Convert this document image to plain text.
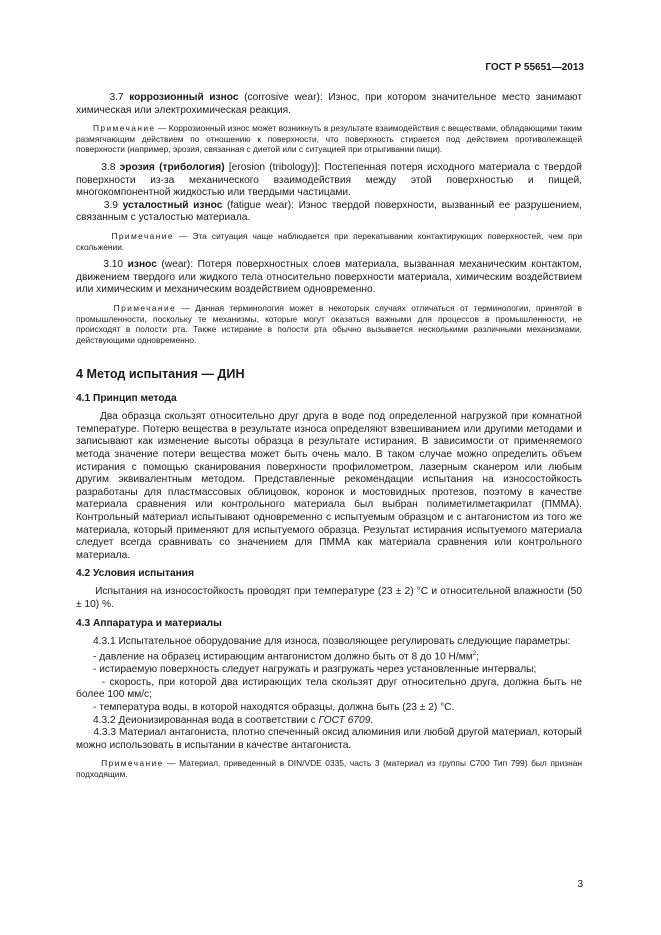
ГОСТ Р 55651—2013

3.7 коррозионный износ (corrosive wear): Износ, при котором значительное место занимают химическая или электрохимическая реакция.

Примечание — Коррозионный износ может возникнуть в результате взаимодействия с веществами, обладающими таким размягчающим действием по отношению к поверхности, что поверхность стирается под действием противолежащей поверхности (например, эрозия, связанная с диетой или с ситуацией при отрыгивании пищи).

3.8 эрозия (трибология) [erosion (tribology)]: Постепенная потеря исходного материала с твердой поверхности из-за механического взаимодействия между этой поверхностью и пищей, многокомпонентной жидкостью или твердыми частицами.

3.9 усталостный износ (fatigue wear): Износ твердой поверхности, вызванный ее разрушением, связанным с усталостью материала.

Примечание — Эта ситуация чаще наблюдается при перекатывании контактирующих поверхностей, чем при скольжении.

3.10 износ (wear): Потеря поверхностных слоев материала, вызванная механическим контактом, движением твердого или жидкого тела относительно поверхности материала, химическим воздействием или химическим и механическим воздействием одновременно.

Примечание — Данная терминология может в некоторых случаях отличаться от терминологии, принятой в промышленности, поскольку те механизмы, которые могут оказаться важными для процессов в промышленности, не происходят в полости рта. Также истирание в полости рта обычно вызывается несколькими различными механизмами, действующими одновременно.

4 Метод испытания — ДИН
4.1 Принцип метода

Два образца скользят относительно друг друга в воде под определенной нагрузкой при комнатной температуре. Потерю вещества в результате износа определяют взвешиванием или другими методами и записывают как изменение высоты образца в результате истирания. В зависимости от применяемого метода значение потери вещества может быть очень мало. В таком случае можно определить объем истирания с помощью сканирования поверхности профилометром, лазерным сканером или любым другим эквивалентным методом. Представленные рекомендации испытания на износостойкость разработаны для пластмассовых облицовок, коронок и мостовидных протезов, поэтому в качестве материала сравнения или контрольного материала был выбран полиметилметакрилат (ПММА). Контрольный материал испытывают одновременно с испытуемым образцом и с антагонистом из того же материала, который применяют для испытуемого образца. Результат истирания испытуемого материала следует всегда сравнивать со значением для ПММА как материала сравнения или контрольного материала.

4.2 Условия испытания

Испытания на износостойкость проводят при температуре (23 ± 2) °С и относительной влажности (50 ± 10) %.

4.3 Аппаратура и материалы

4.3.1 Испытательное оборудование для износа, позволяющее регулировать следующие параметры:

- давление на образец истирающим антагонистом должно быть от 8 до 10 $Н/мм^2$;

- истираемую поверхность следует нагружать и разгружать через установленные интервалы;

- скорость, при которой два истирающих тела скользят друг относительно друга, должна быть не более 100 мм/с;

- температура воды, в которой находятся образцы, должна быть (23 ± 2) °С.

4.3.2 Деионизированная вода в соответствии с ГОСТ 6709.

4.3.3 Материал антагониста, плотно спеченный оксид алюминия или любой другой материал, который можно использовать в испытании в качестве антагониста.

Примечание — Материал, приведенный в DIN/VDE 0335, часть 3 (материал из группы С700 Тип 799) был признан подходящим.

3
